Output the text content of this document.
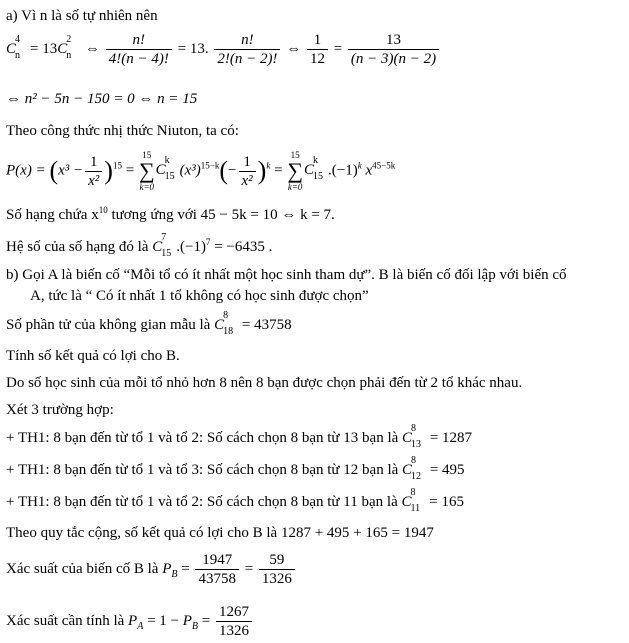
a) Vì n là số tự nhiên nên
C
4
n = 13C
2
n ⇔ $\frac{n!}{4!(n - 4)!} = 13$. $\frac{n!}{2!(n - 2)!}$ ⇔ $\frac{1}{12} = \frac{13}{(n - 3)(n - 2)}$
⇔ n² − 5n − 150 = 0 ⇔ n = 15
Theo công thức nhị thức Niuton, ta có:
$P(x) = (x^3 - \frac{1}{\text{x²}} )^{15}$ =
15
∑
k=0
C
k
15 $(x^3)^{15-k}(- \frac{1}{\text{x²}} )^k$ =
15
∑
k=0
C
k
15 $.(-1)^k$ $x^{45-5k}$
Số hạng chứa $x^{10}$ tương ứng với 45 − 5k = 10 ⇔ k = 7.
Hệ số của số hạng đó là C
7
15 $.(-1)^7 = -6435$ .
b) Gọi A là biến cố “Mỗi tổ có ít nhất một học sinh tham dự”. B là biến cố đối lập với biến cố
A, tức là “ Có ít nhất 1 tổ không có học sinh được chọn”
Số phần tử của không gian mẫu là C
8
18 = 43758
Tính số kết quả có lợi cho B.
Do số học sinh của mỗi tổ nhỏ hơn 8 nên 8 bạn được chọn phải đến từ 2 tổ khác nhau.
Xét 3 trường hợp:
+ TH1: 8 bạn đến từ tổ 1 và tổ 2: Số cách chọn 8 bạn từ 13 bạn là C
8
13 = 1287
+ TH1: 8 bạn đến từ tổ 1 và tổ 3: Số cách chọn 8 bạn từ 12 bạn là C
8
12 = 495
+ TH1: 8 bạn đến từ tổ 1 và tổ 2: Số cách chọn 8 bạn từ 11 bạn là C
8
11 = 165
Theo quy tắc cộng, số kết quả có lợi cho B là 1287 + 495 + 165 = 1947
Xác suất của biến cố B là $P_B = \frac{1947}{43758} = \frac{59}{1326}$
Xác suất cần tính là $P_A = 1 - P_B = \frac{1267}{1326}$
